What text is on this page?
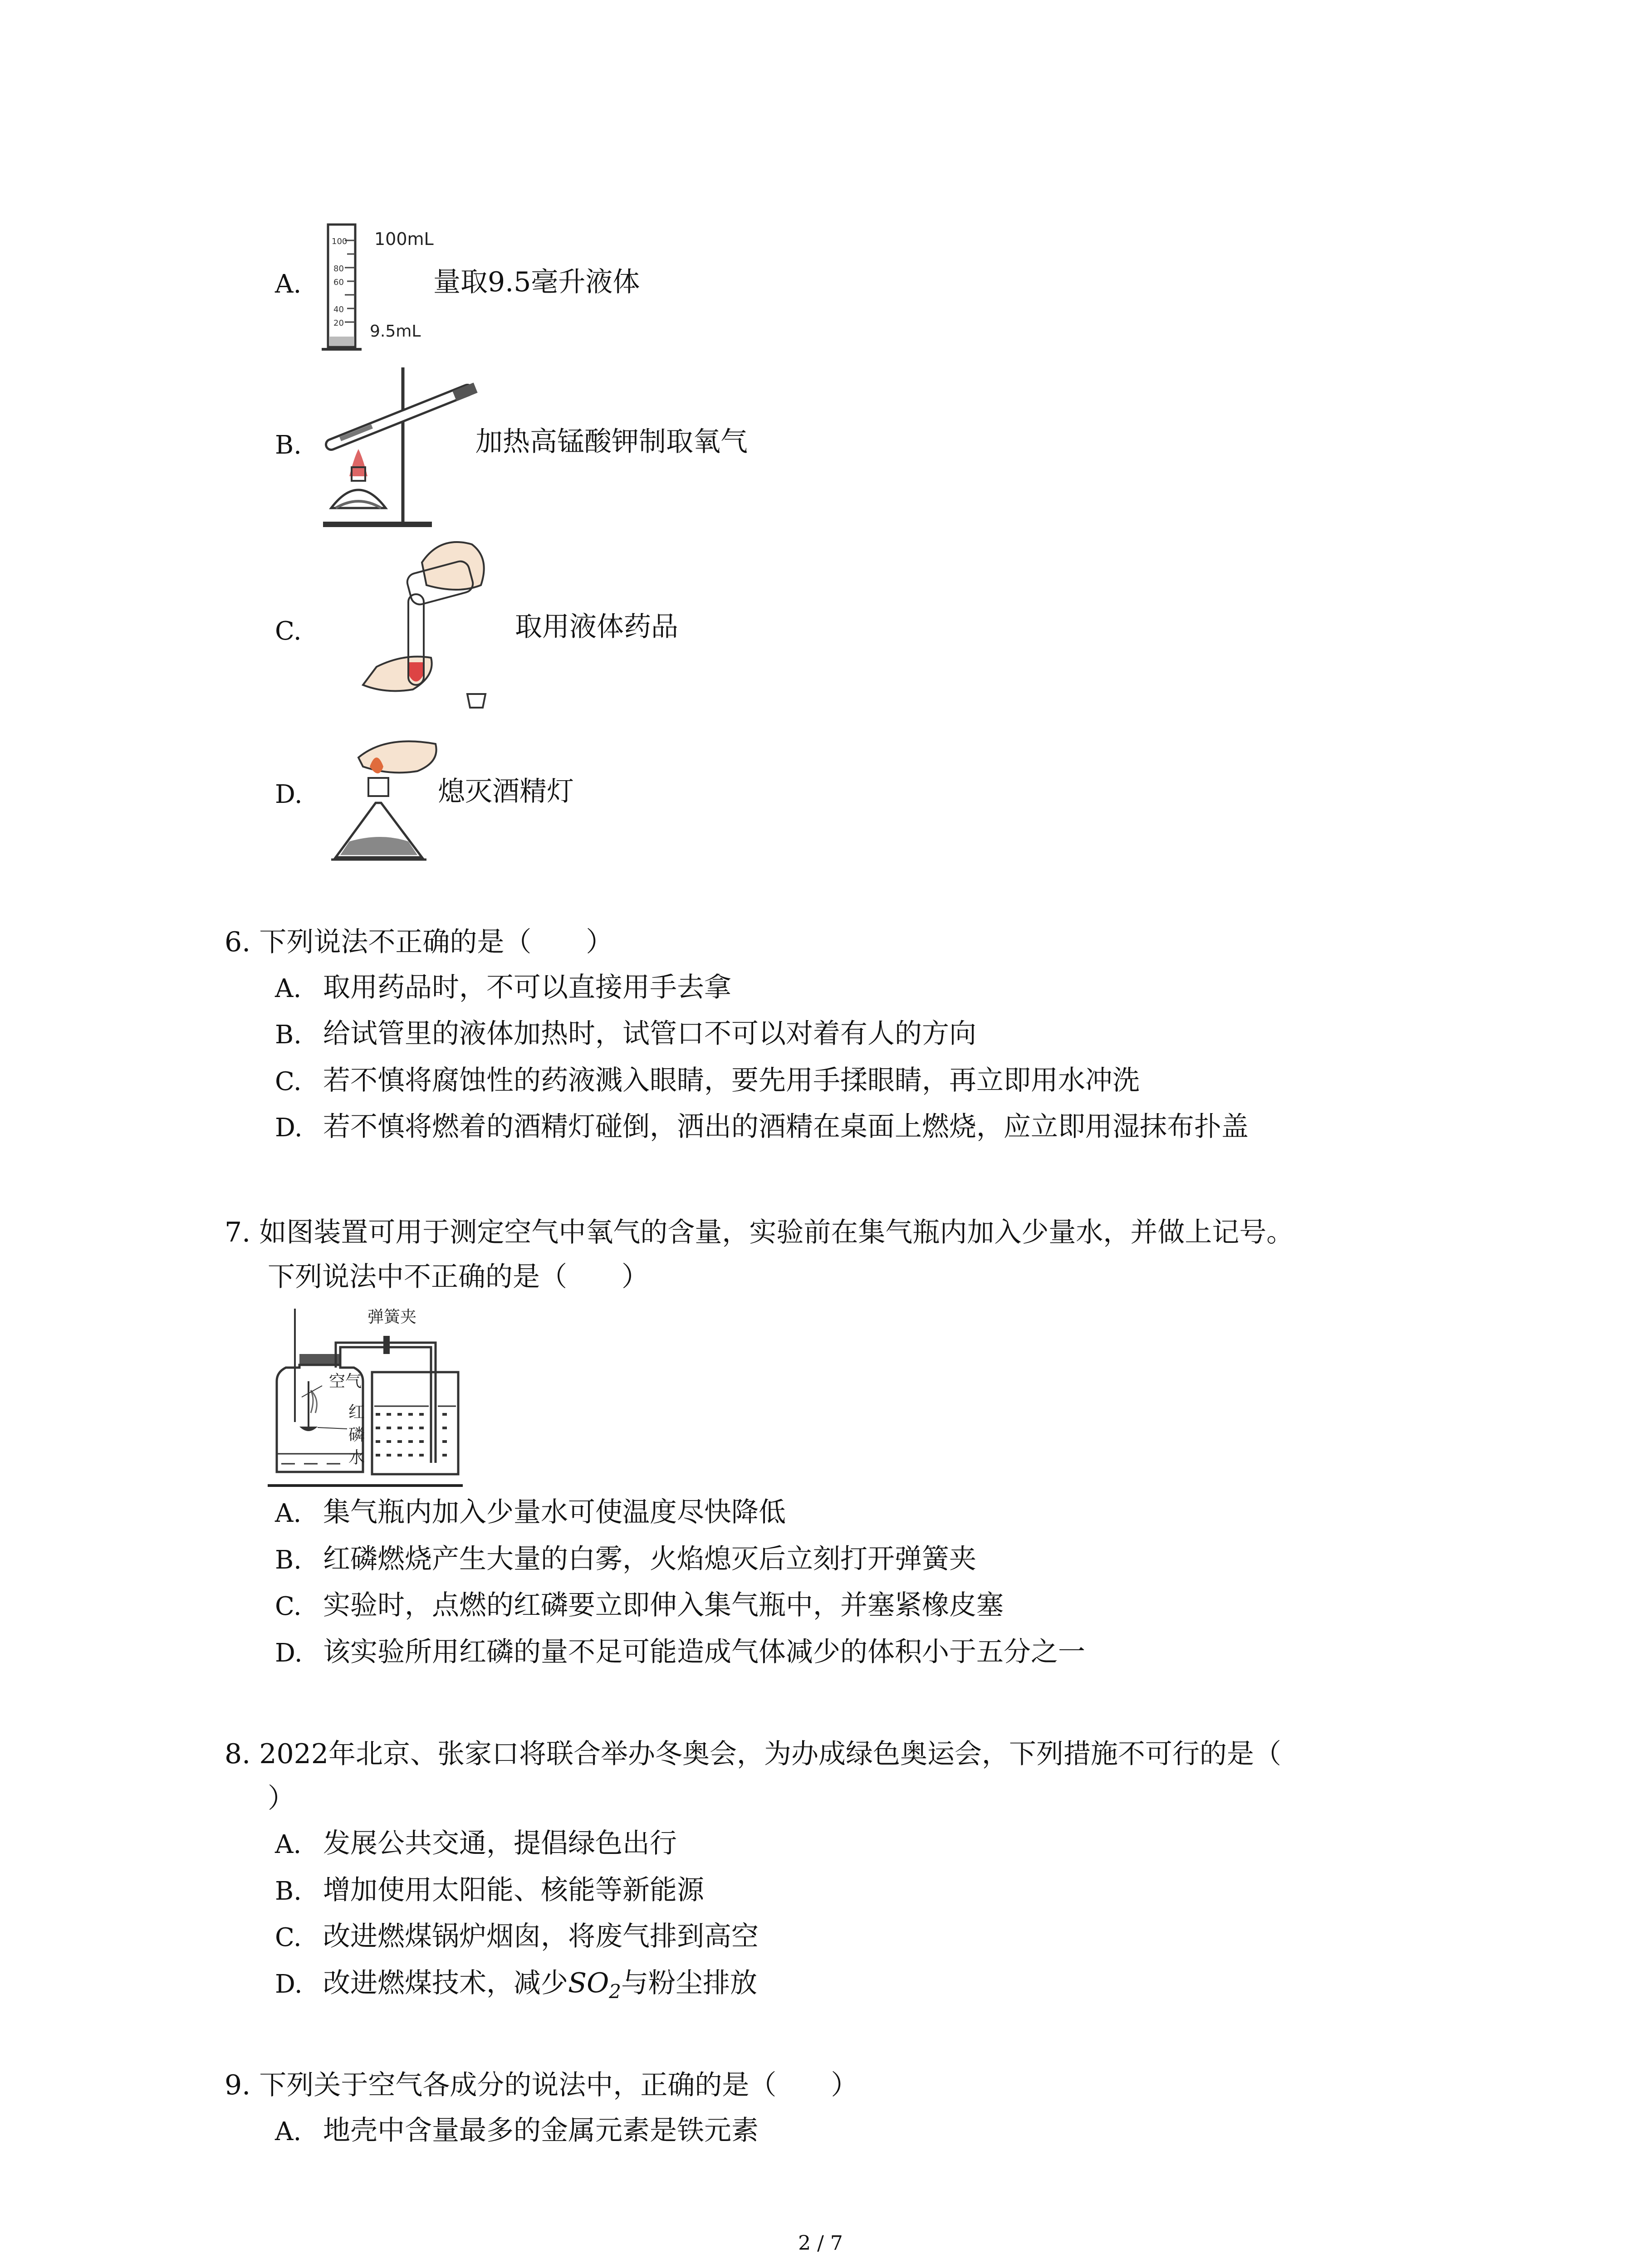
A.
100
80
60
40
20
100mL
9.5mL
量取9.5毫升液体
B.	加热高锰酸钾制取氧气
C.	取用液体药品
D.	熄灭酒精灯
6. 下列说法不正确的是（　　）
A. 取用药品时，不可以直接用手去拿
B. 给试管里的液体加热时，试管口不可以对着有人的方向
C. 若不慎将腐蚀性的药液溅入眼睛，要先用手揉眼睛，再立即用水冲洗
D. 若不慎将燃着的酒精灯碰倒，洒出的酒精在桌面上燃烧，应立即用湿抹布扑盖
7. 如图装置可用于测定空气中氧气的含量，实验前在集气瓶内加入少量水，并做上记号。
下列说法中不正确的是（　　）
弹簧夹
空气
红
磷
水
A. 集气瓶内加入少量水可使温度尽快降低
B. 红磷燃烧产生大量的白雾，火焰熄灭后立刻打开弹簧夹
C. 实验时，点燃的红磷要立即伸入集气瓶中，并塞紧橡皮塞
D. 该实验所用红磷的量不足可能造成气体减少的体积小于五分之一
8. 2022年北京、张家口将联合举办冬奥会，为办成绿色奥运会，下列措施不可行的是（
）
A. 发展公共交通，提倡绿色出行
B. 增加使用太阳能、核能等新能源
C. 改进燃煤锅炉烟囱，将废气排到高空
D. 改进燃煤技术，减少$SO_2$与粉尘排放
9. 下列关于空气各成分的说法中，正确的是（　　）
A. 地壳中含量最多的金属元素是铁元素
2 / 7
